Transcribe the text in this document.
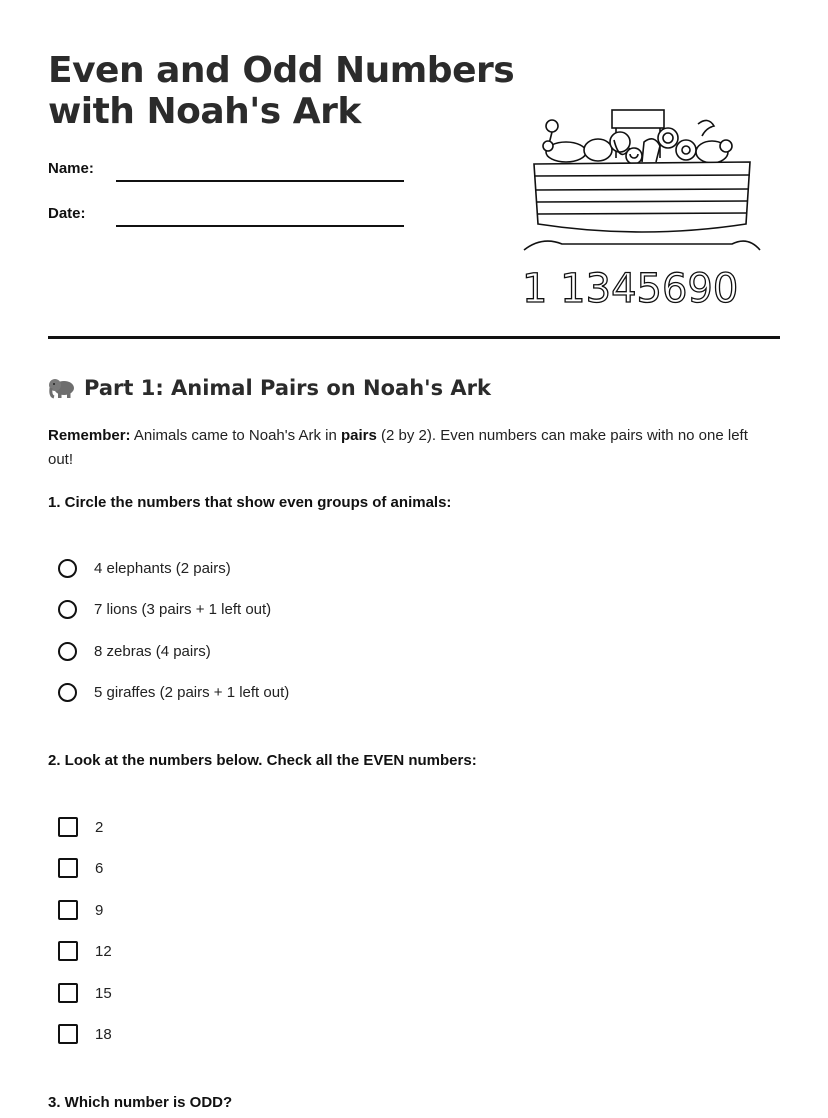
Even and Odd Numbers
with Noah's Ark
Name:
Date:
1 1345690
Part 1: Animal Pairs on Noah's Ark

Remember: Animals came to Noah's Ark in pairs (2 by 2). Even numbers can make pairs with no one left out!

1. Circle the numbers that show even groups of animals:
4 elephants (2 pairs)
7 lions (3 pairs + 1 left out)
8 zebras (4 pairs)
5 giraffes (2 pairs + 1 left out)
2. Look at the numbers below. Check all the EVEN numbers:
2
6
9
12
15
18
3. Which number is ODD?
